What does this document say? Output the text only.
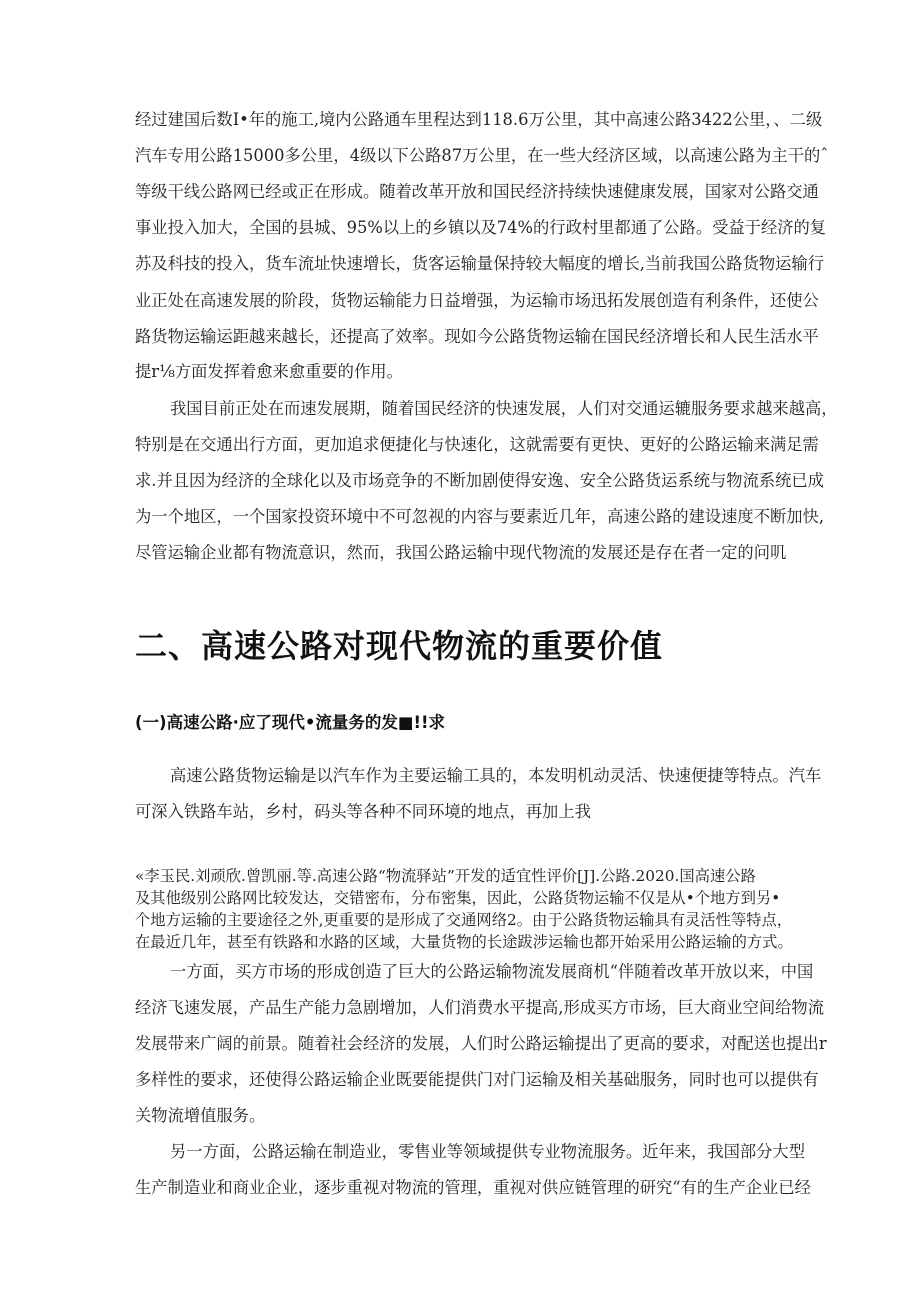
经过建国后数Ⅰ•年的施工,境内公路通车里程达到118.6万公里，其中高速公路3422公里，、二级
汽车专用公路15000多公里，4级以下公路87万公里，在一些大经济区域，以高速公路为主干的ˆ
等级干线公路网已经或正在形成。随着改革开放和国民经济持续快速健康发展，国家对公路交通
事业投入加大，全国的县城、95%以上的乡镇以及74%的行政村里都通了公路。受益于经济的复
苏及科技的投入，货车流址快速增长，货客运输量保持较大幅度的增长,当前我国公路货物运输行
业正处在高速发展的阶段，货物运输能力日益增强，为运输市场迅拓发展创造有利条件，还使公
路货物运输运距越来越长，还提高了效率。现如今公路货物运输在国民经济增长和人民生活水平
提r⅛方面发挥着愈来愈重要的作用。
我国目前正处在而速发展期，随着国民经济的快速发展，人们对交通运辘服务要求越来越高，
特别是在交通出行方面，更加追求便捷化与快速化，这就需要有更快、更好的公路运输来满足需
求.并且因为经济的全球化以及市场竞争的不断加剧使得安逸、安全公路货运系统与物流系统已成
为一个地区，一个国家投资环境中不可忽视的内容与要素近几年，高速公路的建设速度不断加快,
尽管运输企业都有物流意识，然而，我国公路运输中现代物流的发展还是存在者一定的问叽
二、高速公路对现代物流的重要价值
(一)高速公路·应了现代•流量务的发■!!求
高速公路货物运输是以汽车作为主要运输工具的，本发明机动灵活、快速便捷等特点。汽车
可深入铁路车站，乡村，码头等各种不同环境的地点，再加上我
«李玉民.刘顽欣.曾凯丽.等.高速公路“物流驿站”开发的适宜性评价[J].公路.2020.国高速公路
及其他级别公路网比较发达，交错密布，分布密集，因此，公路货物运输不仅是从•个地方到另•
个地方运输的主要途径之外,更重要的是形成了交通网络2。由于公路货物运输具有灵活性等特点，
在最近几年，甚至有铁路和水路的区域，大量货物的长途跋涉运输也都开始采用公路运输的方式。
一方面，买方市场的形成创造了巨大的公路运输物流发展商机“伴随着改革开放以来，中国
经济飞速发展，产品生产能力急剧增加，人们消费水平提高,形成买方市场，巨大商业空间给物流
发展带来广阔的前景。随着社会经济的发展，人们时公路运输提出了更高的要求，对配送也提出r
多样性的要求，还使得公路运输企业既要能提供门对门运输及相关基础服务，同时也可以提供有
关物流增值服务。
另一方面，公路运输在制造业，零售业等领域提供专业物流服务。近年来，我国部分大型
生产制造业和商业企业，逐步重视对物流的管理，重视对供应链管理的研究“有的生产企业已经
